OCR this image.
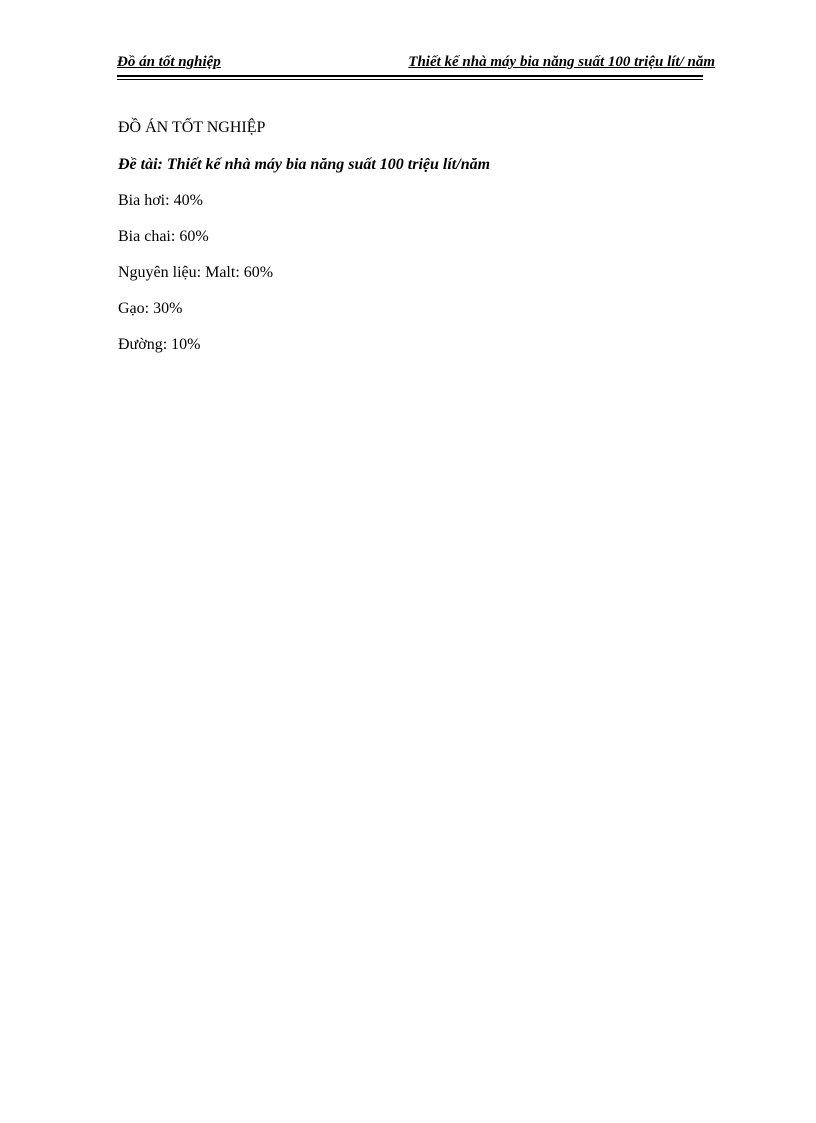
Đồ án tốt nghiệp	Thiết kế nhà máy bia năng suất 100 triệu lít/ năm
ĐỒ ÁN TỐT NGHIỆP
Đề tài: Thiết kế nhà máy bia năng suất 100 triệu lít/năm
Bia hơi: 40%
Bia chai: 60%
Nguyên liệu: Malt: 60%
Gạo: 30%
Đường: 10%
